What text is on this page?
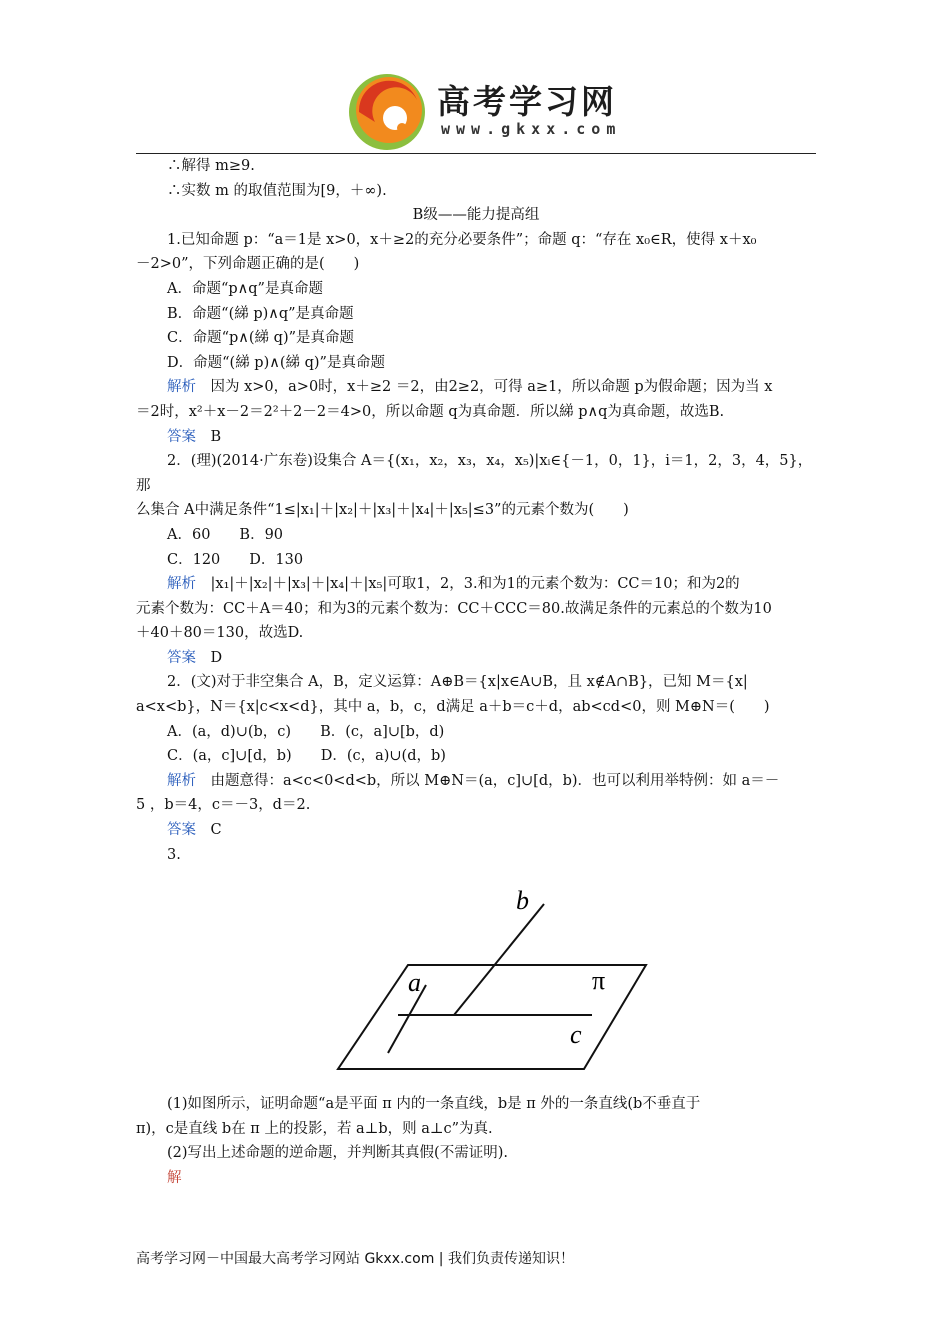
高考学习网
www.gkxx.com

∴解得 m≥9.

∴实数 m 的取值范围为[9，＋∞).

B级——能力提高组

1.已知命题 p：“a＝1是 x>0，x＋≥2的充分必要条件”；命题 q：“存在 x₀∈R，使得 x＋x₀

－2>0”，下列命题正确的是(　　)

A．命题“p∧q”是真命题

B．命题“(綈 p)∧q”是真命题

C．命题“p∧(綈 q)”是真命题

D．命题“(綈 p)∧(綈 q)”是真命题

解析　因为 x>0，a>0时，x＋≥2 ＝2，由2≥2，可得 a≥1，所以命题 p为假命题；因为当 x

＝2时，x²＋x－2＝2²＋2－2＝4>0，所以命题 q为真命题．所以綈 p∧q为真命题，故选B.

答案　B

2．(理)(2014·广东卷)设集合 A＝{(x₁，x₂，x₃，x₄，x₅)|xᵢ∈{－1，0，1}，i＝1，2，3，4，5}，那

么集合 A中满足条件“1≤|x₁|＋|x₂|＋|x₃|＋|x₄|＋|x₅|≤3”的元素个数为(　　)

A．60　　B．90

C．120　　D．130

解析　|x₁|＋|x₂|＋|x₃|＋|x₄|＋|x₅|可取1，2，3.和为1的元素个数为：CC＝10；和为2的

元素个数为：CC＋A＝40；和为3的元素个数为：CC＋CCC＝80.故满足条件的元素总的个数为10

＋40＋80＝130，故选D.

答案　D

2．(文)对于非空集合 A，B，定义运算：A⊕B＝{x|x∈A∪B，且 x∉A∩B}，已知 M＝{x|

a<x<b}，N＝{x|c<x<d}，其中 a，b，c，d满足 a＋b＝c＋d，ab<cd<0，则 M⊕N＝(　　)

A．(a，d)∪(b，c)　　B．(c，a]∪[b，d)

C．(a，c]∪[d，b)　　D．(c，a)∪(d，b)

解析　由题意得：a<c<0<d<b，所以 M⊕N＝(a，c]∪[d，b)．也可以利用举特例：如 a＝－

5 ，b＝4，c＝－3，d＝2.

答案　C

3.

b
a	π
c

(1)如图所示，证明命题“a是平面 π 内的一条直线，b是 π 外的一条直线(b不垂直于

π)，c是直线 b在 π 上的投影，若 a⊥b，则 a⊥c”为真.

(2)写出上述命题的逆命题，并判断其真假(不需证明).

解

高考学习网－中国最大高考学习网站 Gkxx.com | 我们负责传递知识！
